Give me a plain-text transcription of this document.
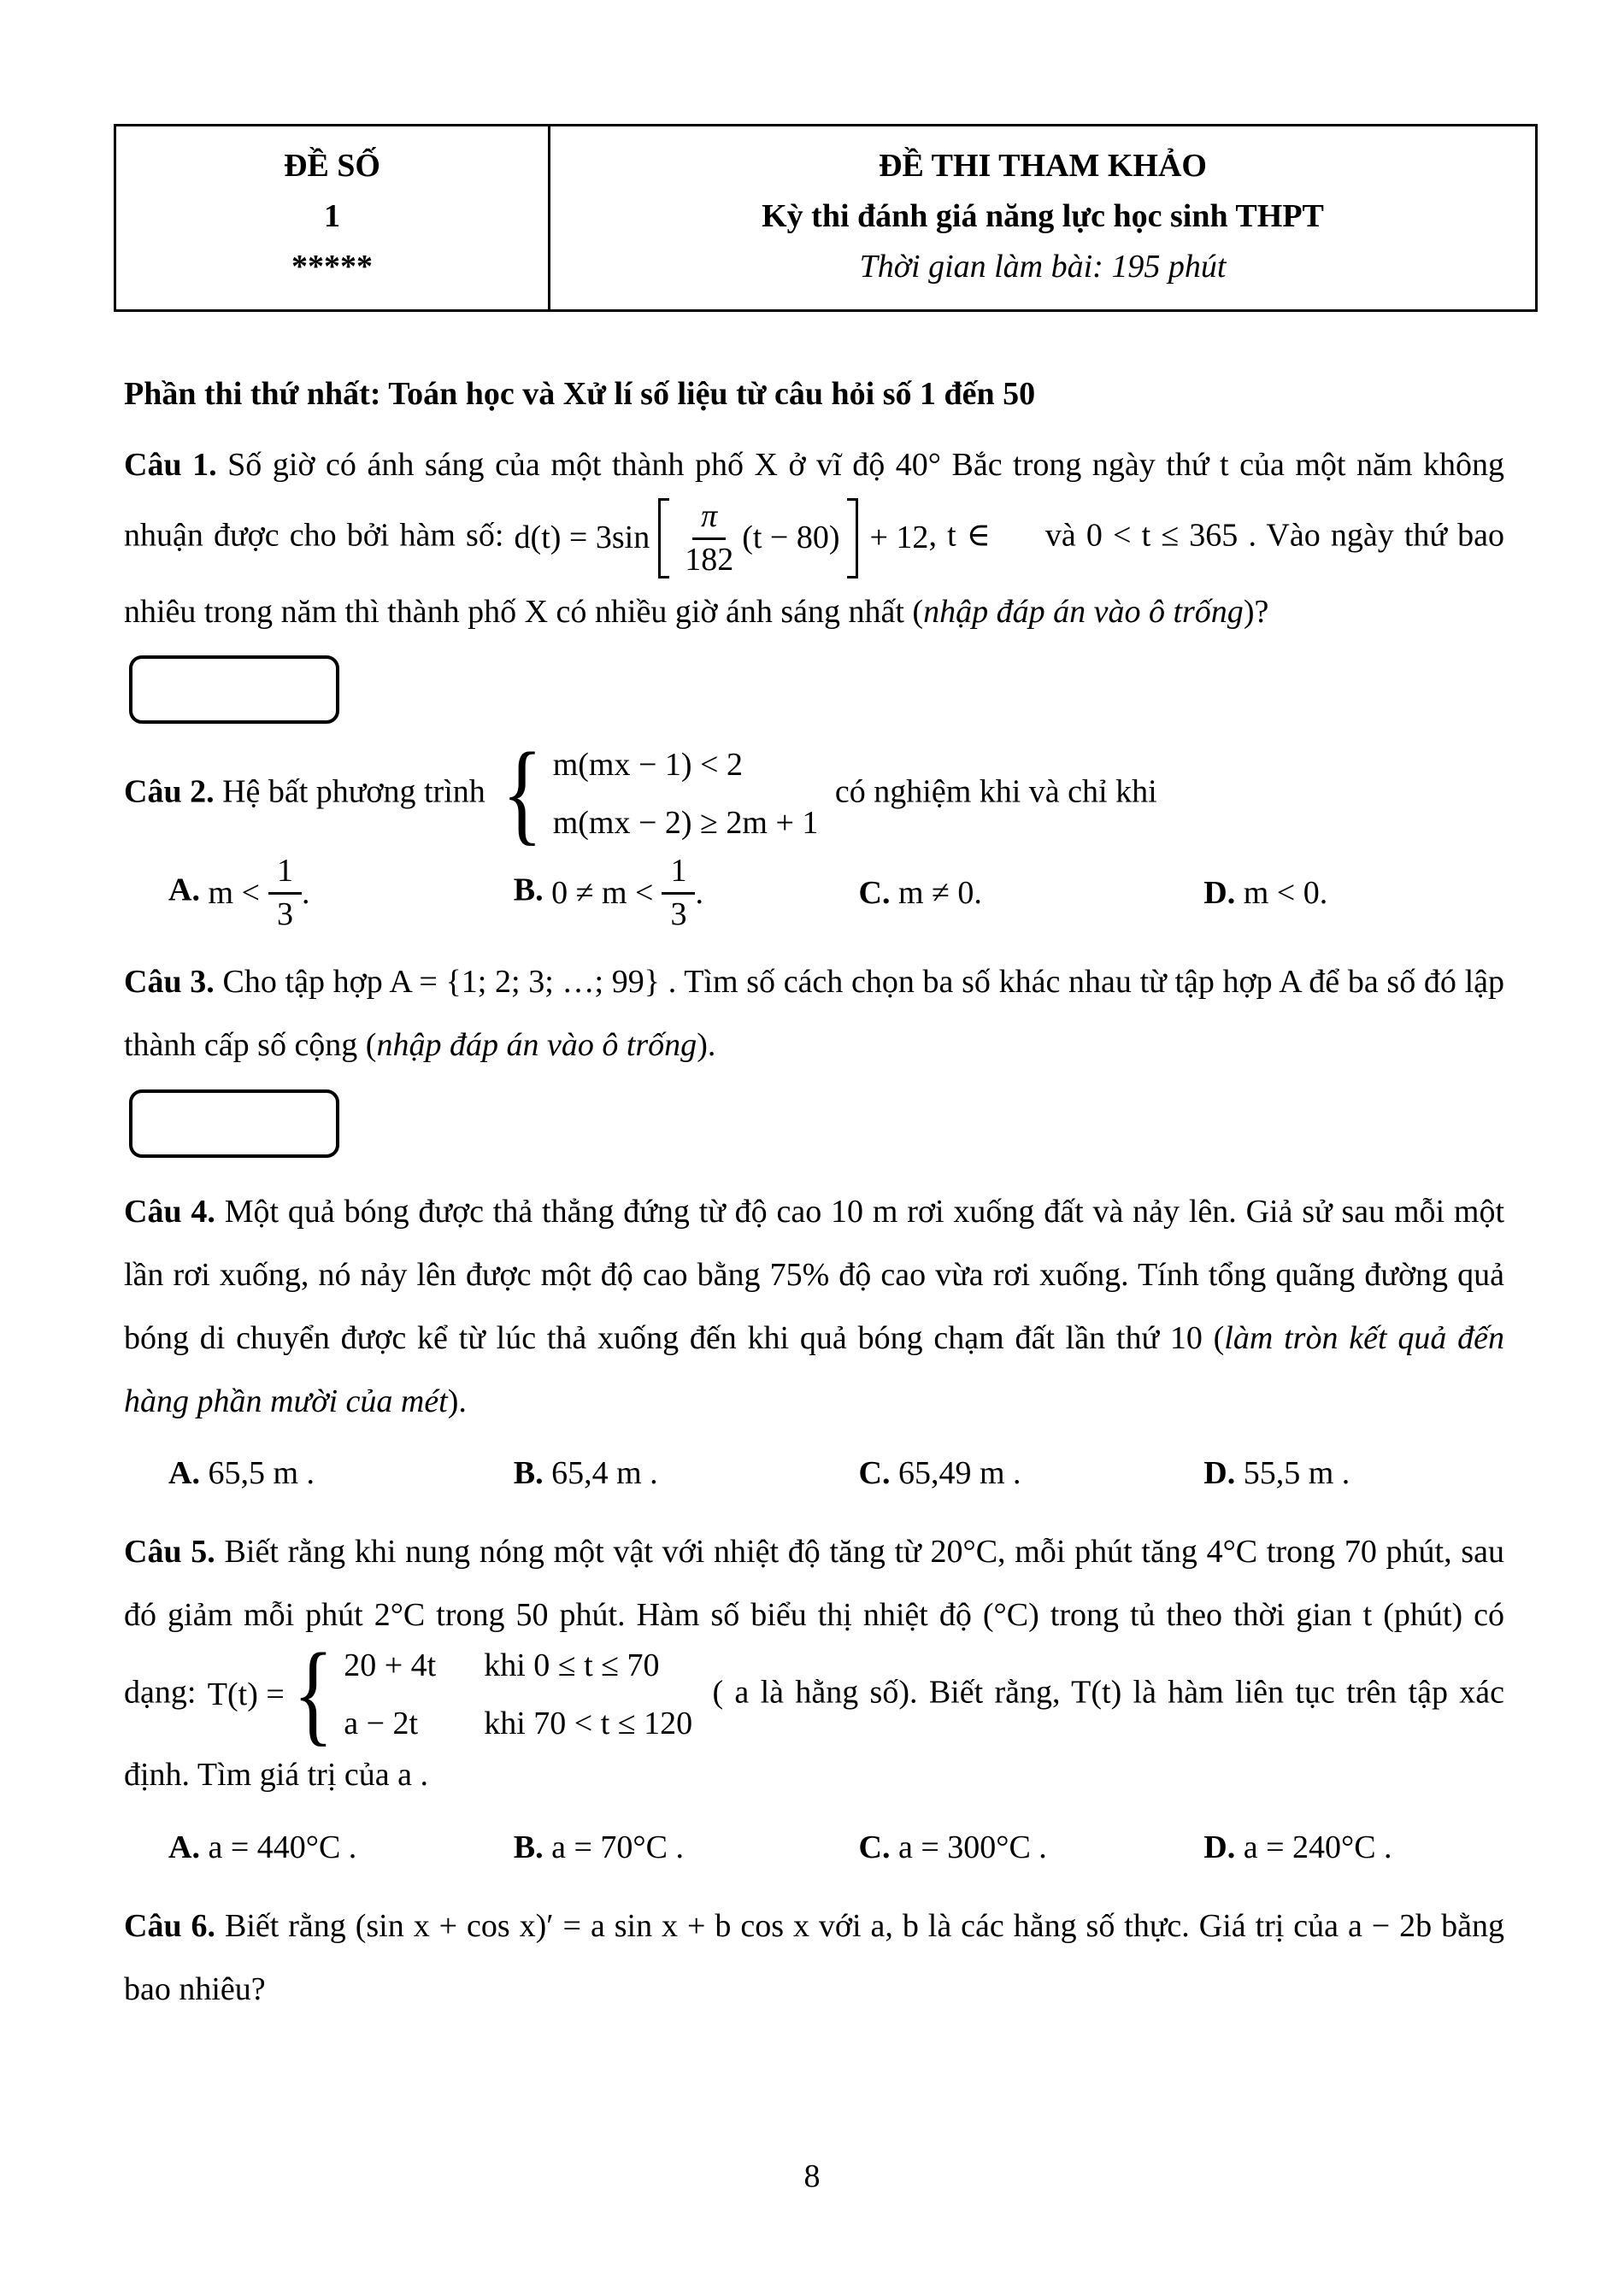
ĐỀ SỐ
1
*****
ĐỀ THI THAM KHẢO
Kỳ thi đánh giá năng lực học sinh THPT
Thời gian làm bài: 195 phút
Phần thi thứ nhất: Toán học và Xử lí số liệu từ câu hỏi số 1 đến 50

Câu 1. Số giờ có ánh sáng của một thành phố X ở vĩ độ 40° Bắc trong ngày thứ t của một năm không nhuận được cho bởi hàm số: $d(t) = 3\sin \frac{\pi}{182} (t - 80) + 12$ , t ∈ và 0 < t ≤ 365 . Vào ngày thứ bao nhiêu trong năm thì thành phố X có nhiều giờ ánh sáng nhất (nhập đáp án vào ô trống)?

Câu 2. Hệ bất phương trình { m(mx − 1) < 2
m(mx − 2) ≥ 2m + 1
có nghiệm khi và chỉ khi

A. $m < \frac{1}{3}$ .	B. $0 \ne m < \frac{1}{3}$ .	C. m ≠ 0.	D. m < 0.

Câu 3. Cho tập hợp A = {1; 2; 3; …; 99} . Tìm số cách chọn ba số khác nhau từ tập hợp A để ba số đó lập thành cấp số cộng (nhập đáp án vào ô trống).

Câu 4. Một quả bóng được thả thẳng đứng từ độ cao 10 m rơi xuống đất và nảy lên. Giả sử sau mỗi một lần rơi xuống, nó nảy lên được một độ cao bằng 75% độ cao vừa rơi xuống. Tính tổng quãng đường quả bóng di chuyển được kể từ lúc thả xuống đến khi quả bóng chạm đất lần thứ 10 (làm tròn kết quả đến hàng phần mười của mét).

A. 65,5 m .	B. 65,4 m .	C. 65,49 m .	D. 55,5 m .

Câu 5. Biết rằng khi nung nóng một vật với nhiệt độ tăng từ 20°C, mỗi phút tăng 4°C trong 70 phút, sau đó giảm mỗi phút 2°C trong 50 phút. Hàm số biểu thị nhiệt độ (°C) trong tủ theo thời gian t (phút) có dạng: T(t) = { 20 + 4t khi 0 ≤ t ≤ 70
a − 2t	khi 70 < t ≤ 120
( a là hằng số). Biết rằng, T(t) là hàm liên tục trên tập xác định. Tìm giá trị của a .

A. a = 440°C .	B. a = 70°C .	C. a = 300°C .	D. a = 240°C .

Câu 6. Biết rằng (sin x + cos x)′ = a sin x + b cos x với a, b là các hằng số thực. Giá trị của a − 2b bằng bao nhiêu?

8
